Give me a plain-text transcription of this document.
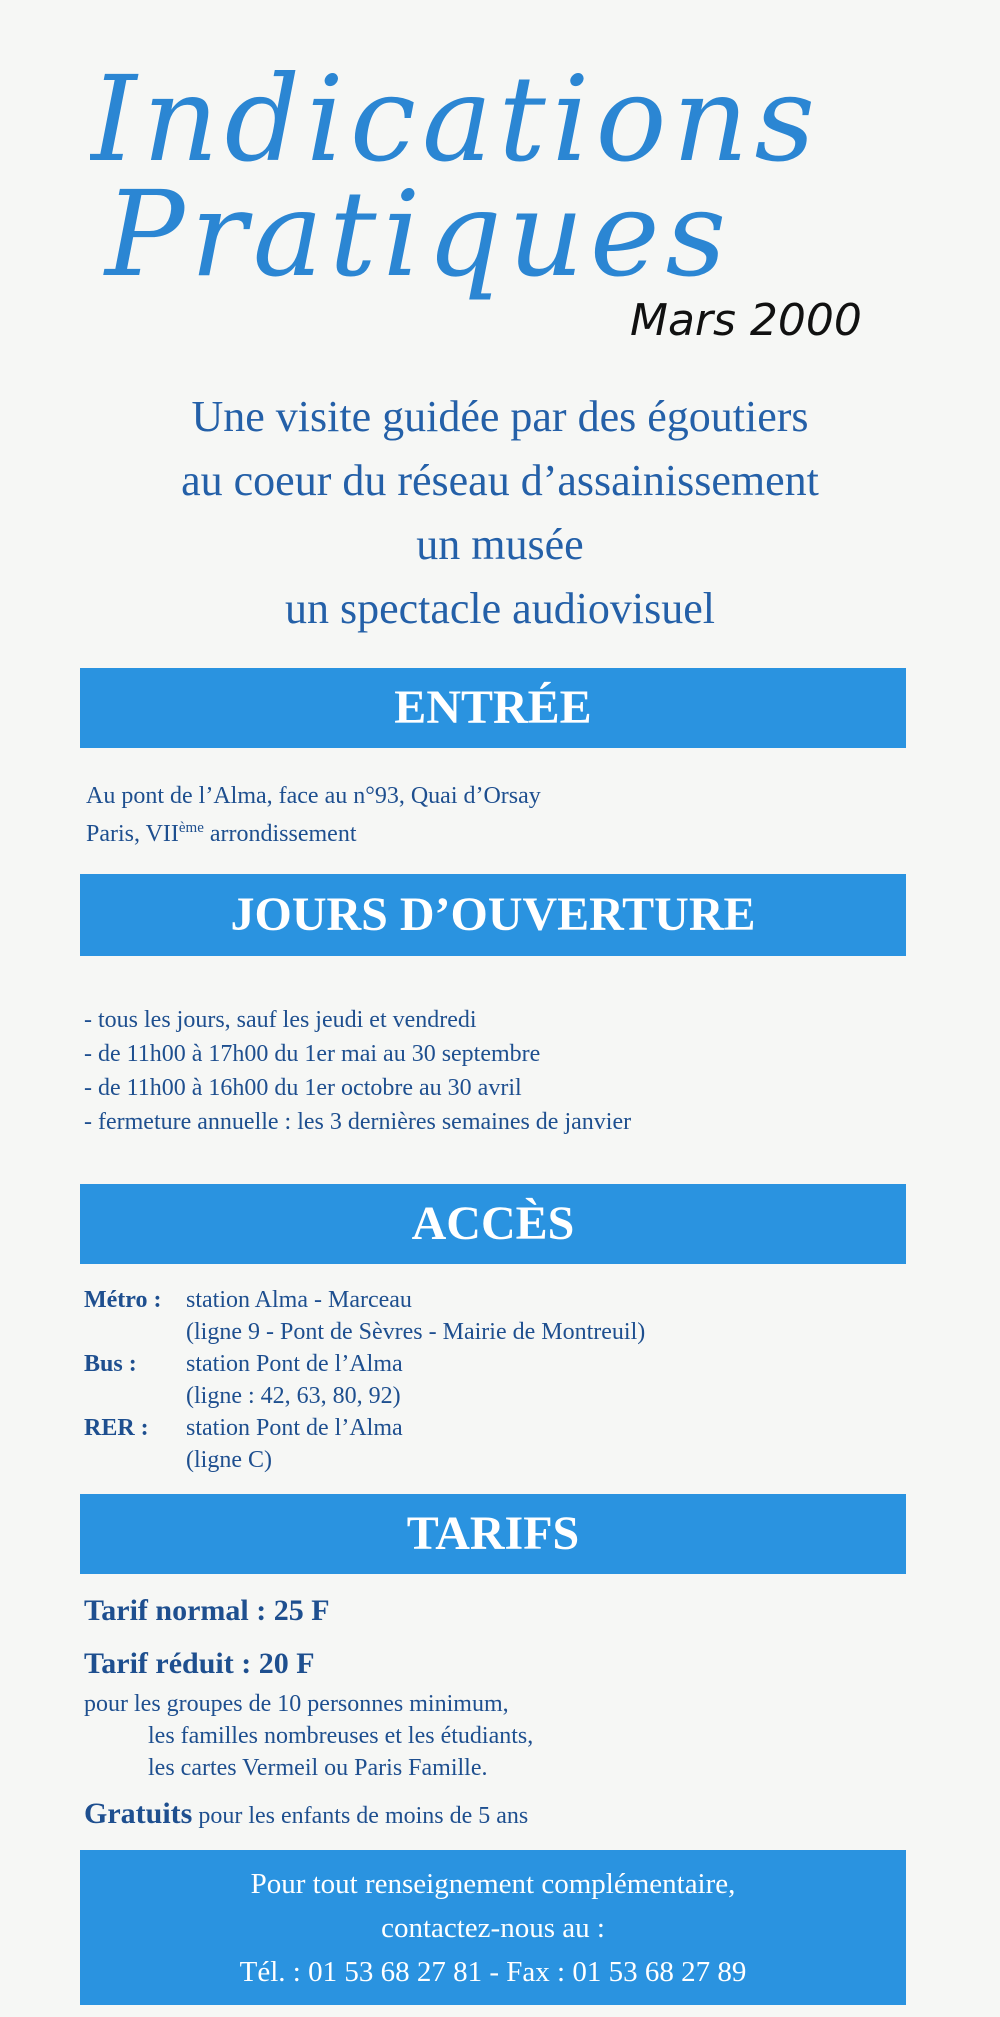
Indications
Pratiques
Mars 2000
Une visite guidée par des égoutiers
au coeur du réseau d’assainissement
un musée
un spectacle audiovisuel
ENTRÉE
Au pont de l’Alma, face au n°93, Quai d’Orsay
Paris, VIIème arrondissement
JOURS D’OUVERTURE
- tous les jours, sauf les jeudi et vendredi
- de 11h00 à 17h00 du 1er mai au 30 septembre
- de 11h00 à 16h00 du 1er octobre au 30 avril
- fermeture annuelle : les 3 dernières semaines de janvier
ACCÈS
Métro :	station Alma - Marceau
(ligne 9 - Pont de Sèvres - Mairie de Montreuil)
Bus :	station Pont de l’Alma
(ligne : 42, 63, 80, 92)
RER :	station Pont de l’Alma
(ligne C)
TARIFS
Tarif normal : 25 F
Tarif réduit : 20 F
pour les groupes de 10 personnes minimum,
les familles nombreuses et les étudiants,
les cartes Vermeil ou Paris Famille.
Gratuits pour les enfants de moins de 5 ans
Pour tout renseignement complémentaire,
contactez-nous au :
Tél. : 01 53 68 27 81 - Fax : 01 53 68 27 89
